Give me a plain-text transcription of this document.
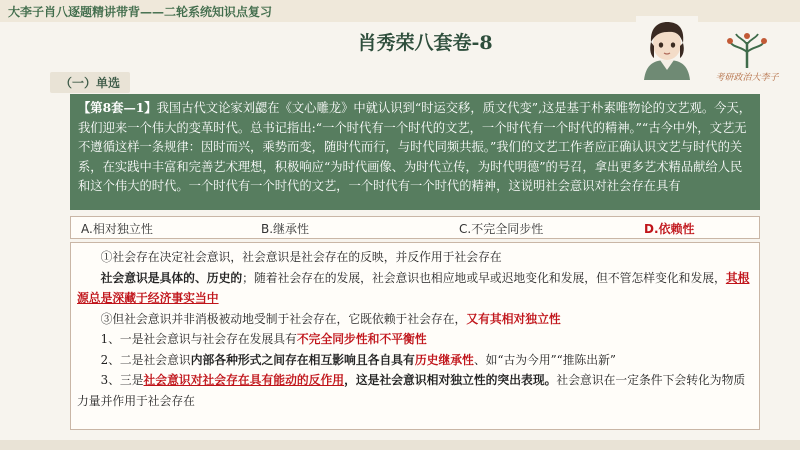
大李子肖八逐题精讲带背——二轮系统知识点复习
肖秀荣八套卷-8
考研政治大李子
（一）单选
【第8套—1】我国古代文论家刘勰在《文心雕龙》中就认识到“时运交移，质文代变”,这是基于朴素唯物论的文艺观。今天，我们迎来一个伟大的变革时代。总书记指出:“一个时代有一个时代的文艺，一个时代有一个时代的精神。”“古今中外，文艺无不遵循这样一条规律：因时而兴，乘势而变，随时代而行，与时代同频共振。”我们的文艺工作者应正确认识文艺与时代的关系，在实践中丰富和完善艺术理想，积极响应“为时代画像、为时代立传，为时代明德”的号召，拿出更多艺术精品献给人民和这个伟大的时代。一个时代有一个时代的文艺，一个时代有一个时代的精神，这说明社会意识对社会存在具有
A.相对独立性	B.继承性	C.不完全同步性	D.依赖性

①社会存在决定社会意识，社会意识是社会存在的反映，并反作用于社会存在

社会意识是具体的、历史的；随着社会存在的发展，社会意识也相应地或早或迟地变化和发展，但不管怎样变化和发展，其根源总是深藏于经济事实当中

③但社会意识并非消极被动地受制于社会存在，它既依赖于社会存在，又有其相对独立性

1、一是社会意识与社会存在发展具有不完全同步性和不平衡性

2、二是社会意识内部各种形式之间存在相互影响且各自具有历史继承性、如“古为今用”“推陈出新”

3、三是社会意识对社会存在具有能动的反作用，这是社会意识相对独立性的突出表现。社会意识在一定条件下会转化为物质力量并作用于社会存在
